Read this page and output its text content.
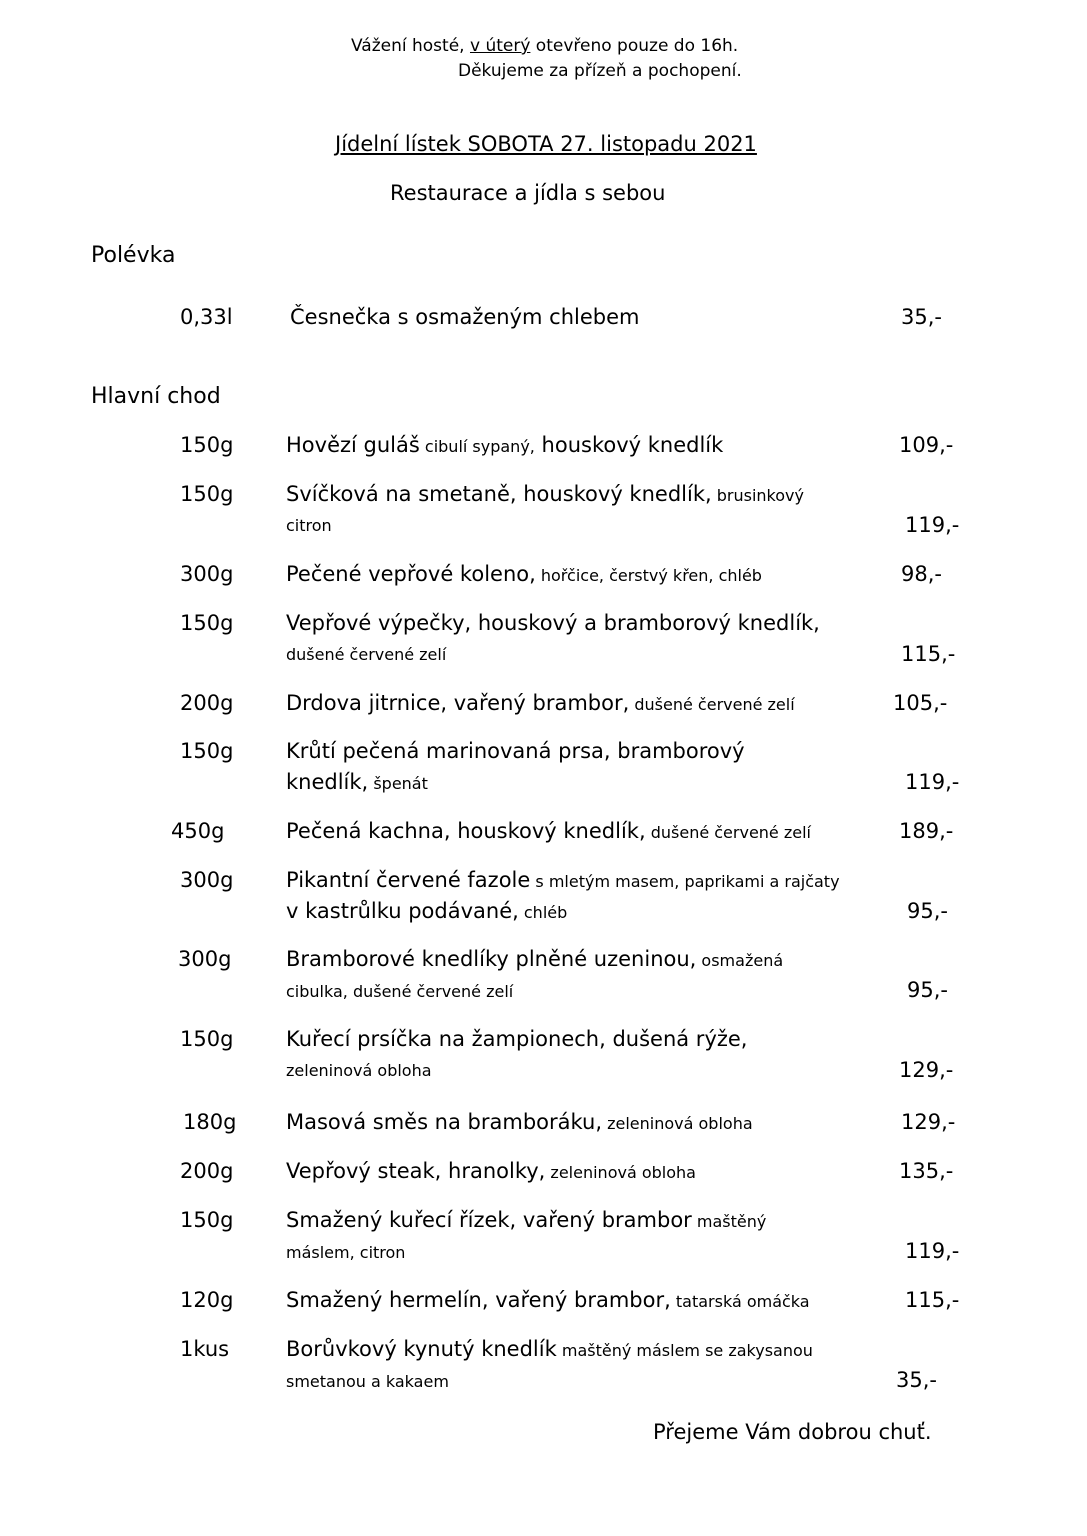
Vážení hosté, v úterý otevřeno pouze do 16h.
Děkujeme za přízeň a pochopení.
Jídelní lístek SOBOTA 27. listopadu 2021
Restaurace a jídla s sebou
Polévka
0,33l	Česnečka s osmaženým chlebem	35,-
Hlavní chod
150g	Hovězí guláš cibulí sypaný, houskový knedlík	109,-
150g	Svíčková na smetaně, houskový knedlík, brusinkový
citron	119,-
300g	Pečené vepřové koleno, hořčice, čerstvý křen, chléb	98,-
150g	Vepřové výpečky, houskový a bramborový knedlík,
dušené červené zelí	115,-
200g	Drdova jitrnice, vařený brambor, dušené červené zelí	105,-
150g	Krůtí pečená marinovaná prsa, bramborový
knedlík, špenát	119,-
450g	Pečená kachna, houskový knedlík, dušené červené zelí	189,-
300g	Pikantní červené fazole s mletým masem, paprikami a rajčaty
v kastrůlku podávané, chléb	95,-
300g	Bramborové knedlíky plněné uzeninou, osmažená
cibulka, dušené červené zelí	95,-
150g	Kuřecí prsíčka na žampionech, dušená rýže,
zeleninová obloha	129,-
180g Masová směs na bramboráku, zeleninová obloha	129,-
200g	Vepřový steak, hranolky, zeleninová obloha	135,-
150g	Smažený kuřecí řízek, vařený brambor maštěný
máslem, citron	119,-
120g	Smažený hermelín, vařený brambor, tatarská omáčka	115,-
1kus	Borůvkový kynutý knedlík maštěný máslem se zakysanou
smetanou a kakaem	35,-
Přejeme Vám dobrou chuť.
